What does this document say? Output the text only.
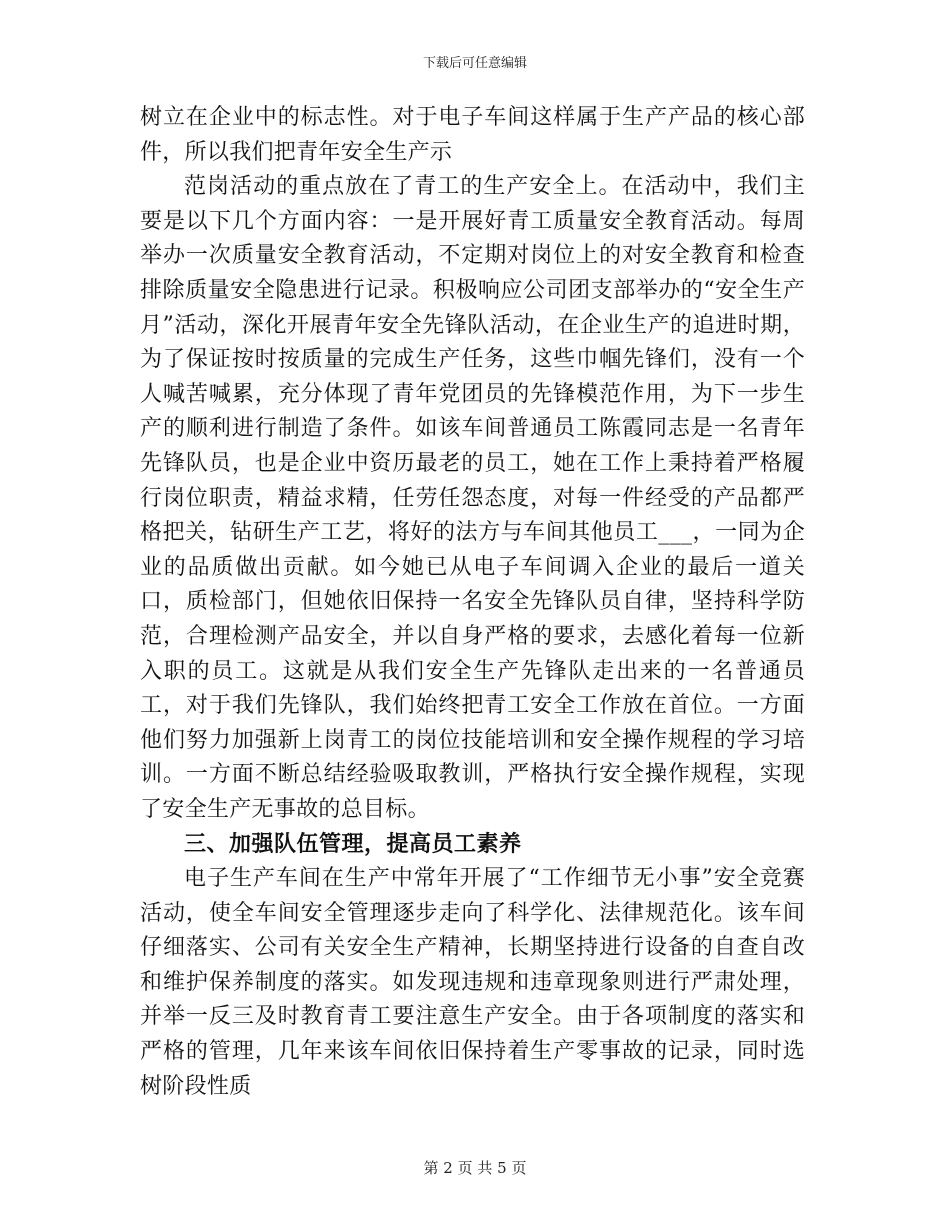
下载后可任意编辑

树立在企业中的标志性。对于电子车间这样属于生产产品的核心部件，所以我们把青年安全生产示

范岗活动的重点放在了青工的生产安全上。在活动中，我们主要是以下几个方面内容：一是开展好青工质量安全教育活动。每周举办一次质量安全教育活动，不定期对岗位上的对安全教育和检查排除质量安全隐患进行记录。积极响应公司团支部举办的“安全生产月”活动，深化开展青年安全先锋队活动，在企业生产的追进时期，为了保证按时按质量的完成生产任务，这些巾帼先锋们，没有一个人喊苦喊累，充分体现了青年党团员的先锋模范作用，为下一步生产的顺利进行制造了条件。如该车间普通员工陈霞同志是一名青年先锋队员，也是企业中资历最老的员工，她在工作上秉持着严格履行岗位职责，精益求精，任劳任怨态度，对每一件经受的产品都严格把关，钻研生产工艺，将好的法方与车间其他员工___，一同为企业的品质做出贡献。如今她已从电子车间调入企业的最后一道关口，质检部门，但她依旧保持一名安全先锋队员自律，坚持科学防范，合理检测产品安全，并以自身严格的要求，去感化着每一位新入职的员工。这就是从我们安全生产先锋队走出来的一名普通员工，对于我们先锋队，我们始终把青工安全工作放在首位。一方面他们努力加强新上岗青工的岗位技能培训和安全操作规程的学习培训。一方面不断总结经验吸取教训，严格执行安全操作规程，实现了安全生产无事故的总目标。

三、加强队伍管理，提高员工素养

电子生产车间在生产中常年开展了“工作细节无小事”安全竞赛活动，使全车间安全管理逐步走向了科学化、法律规范化。该车间仔细落实、公司有关安全生产精神，长期坚持进行设备的自查自改和维护保养制度的落实。如发现违规和违章现象则进行严肃处理，并举一反三及时教育青工要注意生产安全。由于各项制度的落实和严格的管理，几年来该车间依旧保持着生产零事故的记录，同时选树阶段性质

第 2 页 共 5 页
